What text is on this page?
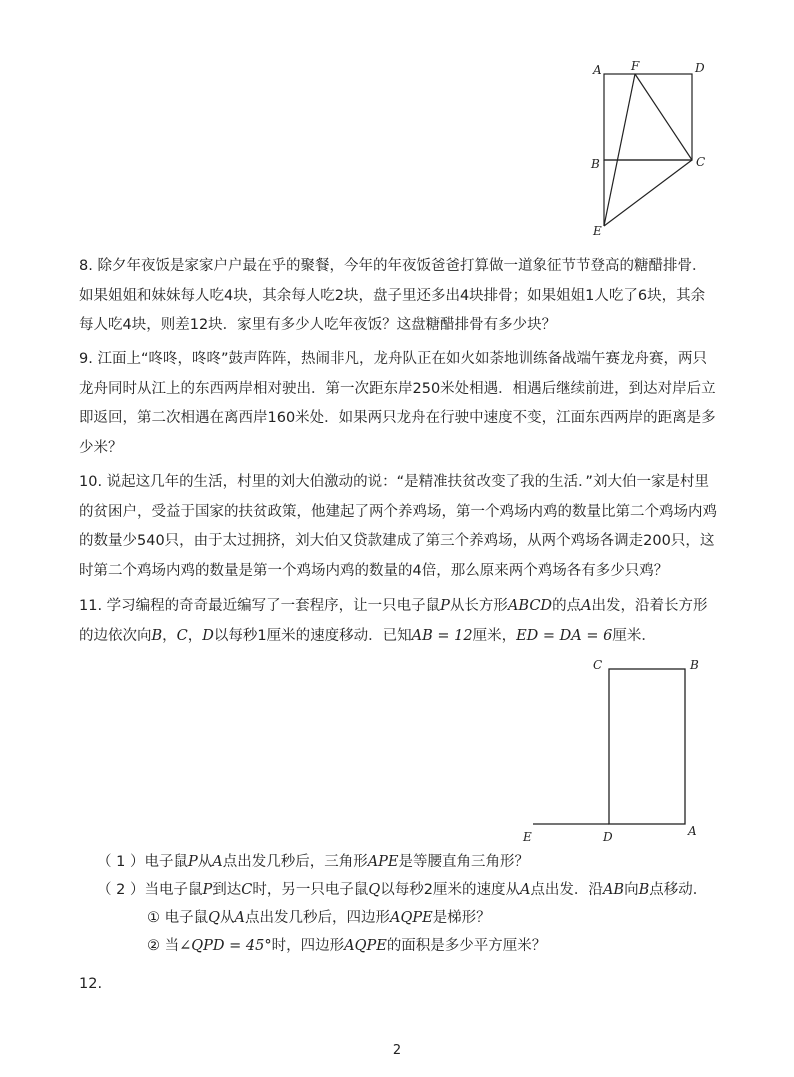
A F	D
B	C
E
8. 除夕年夜饭是家家户户最在乎的聚餐，今年的年夜饭爸爸打算做一道象征节节登高的糖醋排骨．如果姐姐和妹妹每人吃4块，其余每人吃2块，盘子里还多出4块排骨；如果姐姐1人吃了6块，其余每人吃4块，则差12块．家里有多少人吃年夜饭？这盘糖醋排骨有多少块？
9. 江面上“咚咚，咚咚”鼓声阵阵，热闹非凡，龙舟队正在如火如荼地训练备战端午赛龙舟赛，两只龙舟同时从江上的东西两岸相对驶出．第一次距东岸250米处相遇．相遇后继续前进，到达对岸后立即返回，第二次相遇在离西岸160米处．如果两只龙舟在行驶中速度不变，江面东西两岸的距离是多少米？
10. 说起这几年的生活，村里的刘大伯激动的说：“是精准扶贫改变了我的生活．”刘大伯一家是村里的贫困户，受益于国家的扶贫政策，他建起了两个养鸡场，第一个鸡场内鸡的数量比第二个鸡场内鸡的数量少540只，由于太过拥挤，刘大伯又贷款建成了第三个养鸡场，从两个鸡场各调走200只，这时第二个鸡场内鸡的数量是第一个鸡场内鸡的数量的4倍，那么原来两个鸡场各有多少只鸡？
11. 学习编程的奇奇最近编写了一套程序，让一只电子鼠P从长方形ABCD的点A出发，沿着长方形的边依次向B，C，D以每秒1厘米的速度移动．已知AB = 12厘米，ED = DA = 6厘米．
C	B
E	D	A
（ 1 ）电子鼠P从A点出发几秒后，三角形APE是等腰直角三角形？
（ 2 ）当电子鼠P到达C时，另一只电子鼠Q以每秒2厘米的速度从A点出发．沿AB向B点移动．
① 电子鼠Q从A点出发几秒后，四边形AQPE是梯形？
② 当∠QPD = 45°时，四边形AQPE的面积是多少平方厘米？
12.
2
